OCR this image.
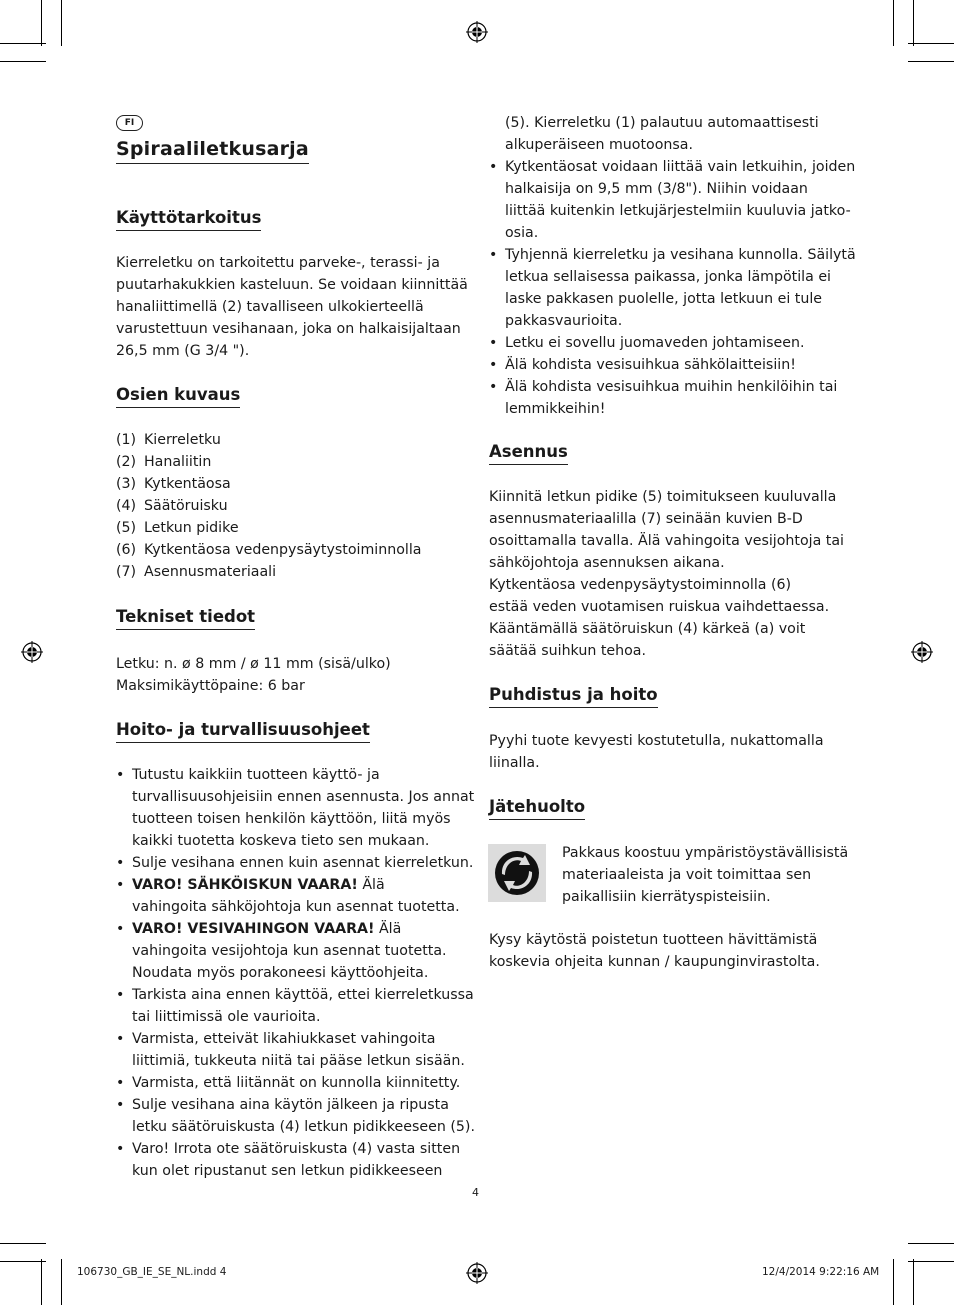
FI
Spiraaliletkusarja
Käyttötarkoitus
Kierreletku on tarkoitettu parveke-, terassi- ja
puutarhakukkien kasteluun. Se voidaan kiinnittää
hanaliittimellä (2) tavalliseen ulkokierteellä
varustettuun vesihanaan, joka on halkaisijaltaan
26,5 mm (G 3/4 ").
Osien kuvaus
(1) Kierreletku
(2) Hanaliitin
(3) Kytkentäosa
(4) Säätöruisku
(5) Letkun pidike
(6) Kytkentäosa vedenpysäytystoiminnolla
(7) Asennusmateriaali
Tekniset tiedot
Letku: n. ø 8 mm / ø 11 mm (sisä/ulko)
Maksimikäyttöpaine: 6 bar
Hoito- ja turvallisuusohjeet
• Tutustu kaikkiin tuotteen käyttö- ja
turvallisuusohjeisiin ennen asennusta. Jos annat
tuotteen toisen henkilön käyttöön, liitä myös
kaikki tuotetta koskeva tieto sen mukaan.
• Sulje vesihana ennen kuin asennat kierreletkun.
• VARO! SÄHKÖISKUN VAARA! Älä
vahingoita sähköjohtoja kun asennat tuotetta.
• VARO! VESIVAHINGON VAARA! Älä
vahingoita vesijohtoja kun asennat tuotetta.
Noudata myös porakoneesi käyttöohjeita.
• Tarkista aina ennen käyttöä, ettei kierreletkussa
tai liittimissä ole vaurioita.
• Varmista, etteivät likahiukkaset vahingoita
liittimiä, tukkeuta niitä tai pääse letkun sisään.
• Varmista, että liitännät on kunnolla kiinnitetty.
• Sulje vesihana aina käytön jälkeen ja ripusta
letku säätöruiskusta (4) letkun pidikkeeseen (5).
• Varo! Irrota ote säätöruiskusta (4) vasta sitten
kun olet ripustanut sen letkun pidikkeeseen
(5). Kierreletku (1) palautuu automaattisesti
alkuperäiseen muotoonsa.
• Kytkentäosat voidaan liittää vain letkuihin, joiden
halkaisija on 9,5 mm (3/8"). Niihin voidaan
liittää kuitenkin letkujärjestelmiin kuuluvia jatko-
osia.
• Tyhjennä kierreletku ja vesihana kunnolla. Säilytä
letkua sellaisessa paikassa, jonka lämpötila ei
laske pakkasen puolelle, jotta letkuun ei tule
pakkasvaurioita.
• Letku ei sovellu juomaveden johtamiseen.
• Älä kohdista vesisuihkua sähkölaitteisiin!
• Älä kohdista vesisuihkua muihin henkilöihin tai
lemmikkeihin!
Asennus
Kiinnitä letkun pidike (5) toimitukseen kuuluvalla
asennusmateriaalilla (7) seinään kuvien B-D
osoittamalla tavalla. Älä vahingoita vesijohtoja tai
sähköjohtoja asennuksen aikana.
Kytkentäosa vedenpysäytystoiminnolla (6)
estää veden vuotamisen ruiskua vaihdettaessa.
Kääntämällä säätöruiskun (4) kärkeä (a) voit
säätää suihkun tehoa.
Puhdistus ja hoito
Pyyhi tuote kevyesti kostutetulla, nukattomalla
liinalla.
Jätehuolto
Pakkaus koostuu ympäristöystävällisistä
materiaaleista ja voit toimittaa sen
paikallisiin kierrätyspisteisiin.
Kysy käytöstä poistetun tuotteen hävittämistä
koskevia ohjeita kunnan / kaupunginvirastolta.
4
106730_GB_IE_SE_NL.indd 4	12/4/2014 9:22:16 AM
